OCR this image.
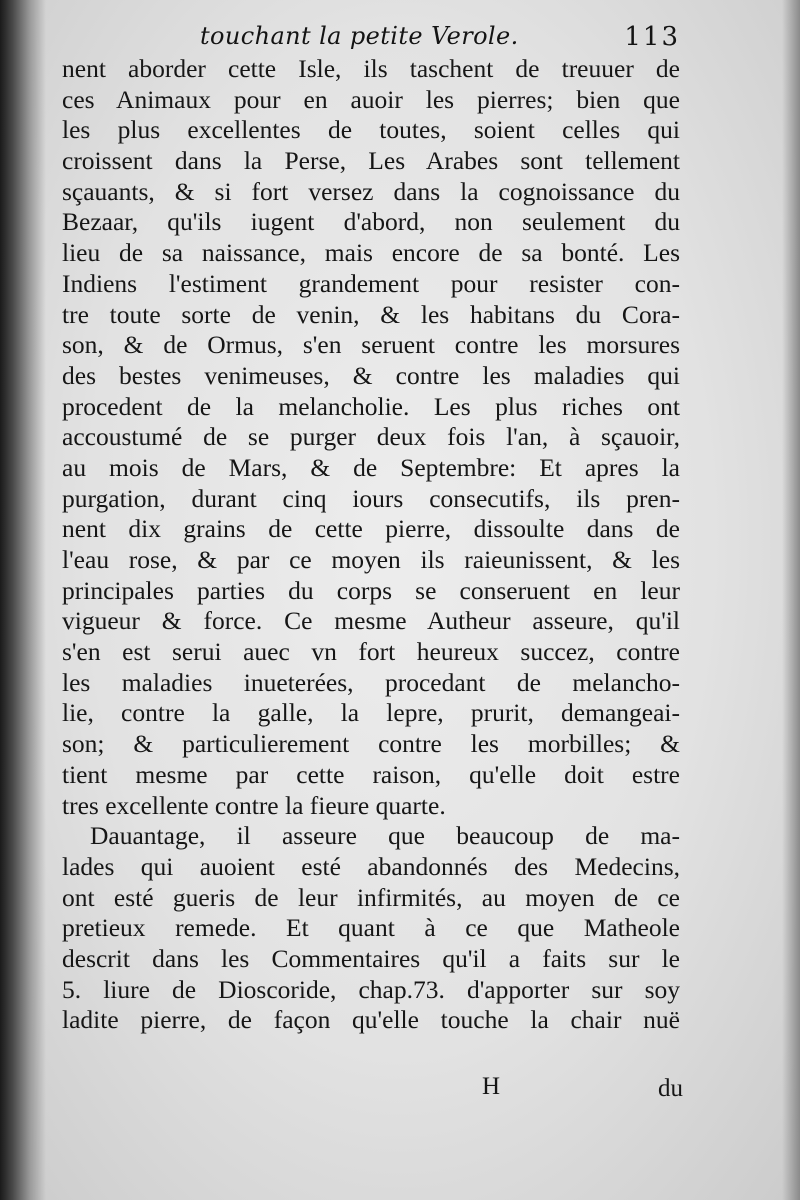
touchant la petite Verole.	113
nent aborder cette Isle, ils taschent de treuuer de
ces Animaux pour en auoir les pierres; bien que
les plus excellentes de toutes, soient celles qui
croissent dans la Perse, Les Arabes sont tellement
sçauants, & si fort versez dans la cognoissance du
Bezaar, qu'ils iugent d'abord, non seulement du
lieu de sa naissance, mais encore de sa bonté. Les
Indiens l'estiment grandement pour resister con-
tre toute sorte de venin, & les habitans du Cora-
son, & de Ormus, s'en seruent contre les morsures
des bestes venimeuses, & contre les maladies qui
procedent de la melancholie. Les plus riches ont
accoustumé de se purger deux fois l'an, à sçauoir,
au mois de Mars, & de Septembre: Et apres la
purgation, durant cinq iours consecutifs, ils pren-
nent dix grains de cette pierre, dissoulte dans de
l'eau rose, & par ce moyen ils raieunissent, & les
principales parties du corps se conseruent en leur
vigueur & force. Ce mesme Autheur asseure, qu'il
s'en est serui auec vn fort heureux succez, contre
les maladies inueterées, procedant de melancho-
lie, contre la galle, la lepre, prurit, demangeai-
son; & particulierement contre les morbilles; &
tient mesme par cette raison, qu'elle doit estre
tres excellente contre la fieure quarte.
Dauantage, il asseure que beaucoup de ma-
lades qui auoient esté abandonnés des Medecins,
ont esté gueris de leur infirmités, au moyen de ce
pretieux remede. Et quant à ce que Matheole
descrit dans les Commentaires qu'il a faits sur le
5. liure de Dioscoride, chap.73. d'apporter sur soy
ladite pierre, de façon qu'elle touche la chair nuë
H	du
